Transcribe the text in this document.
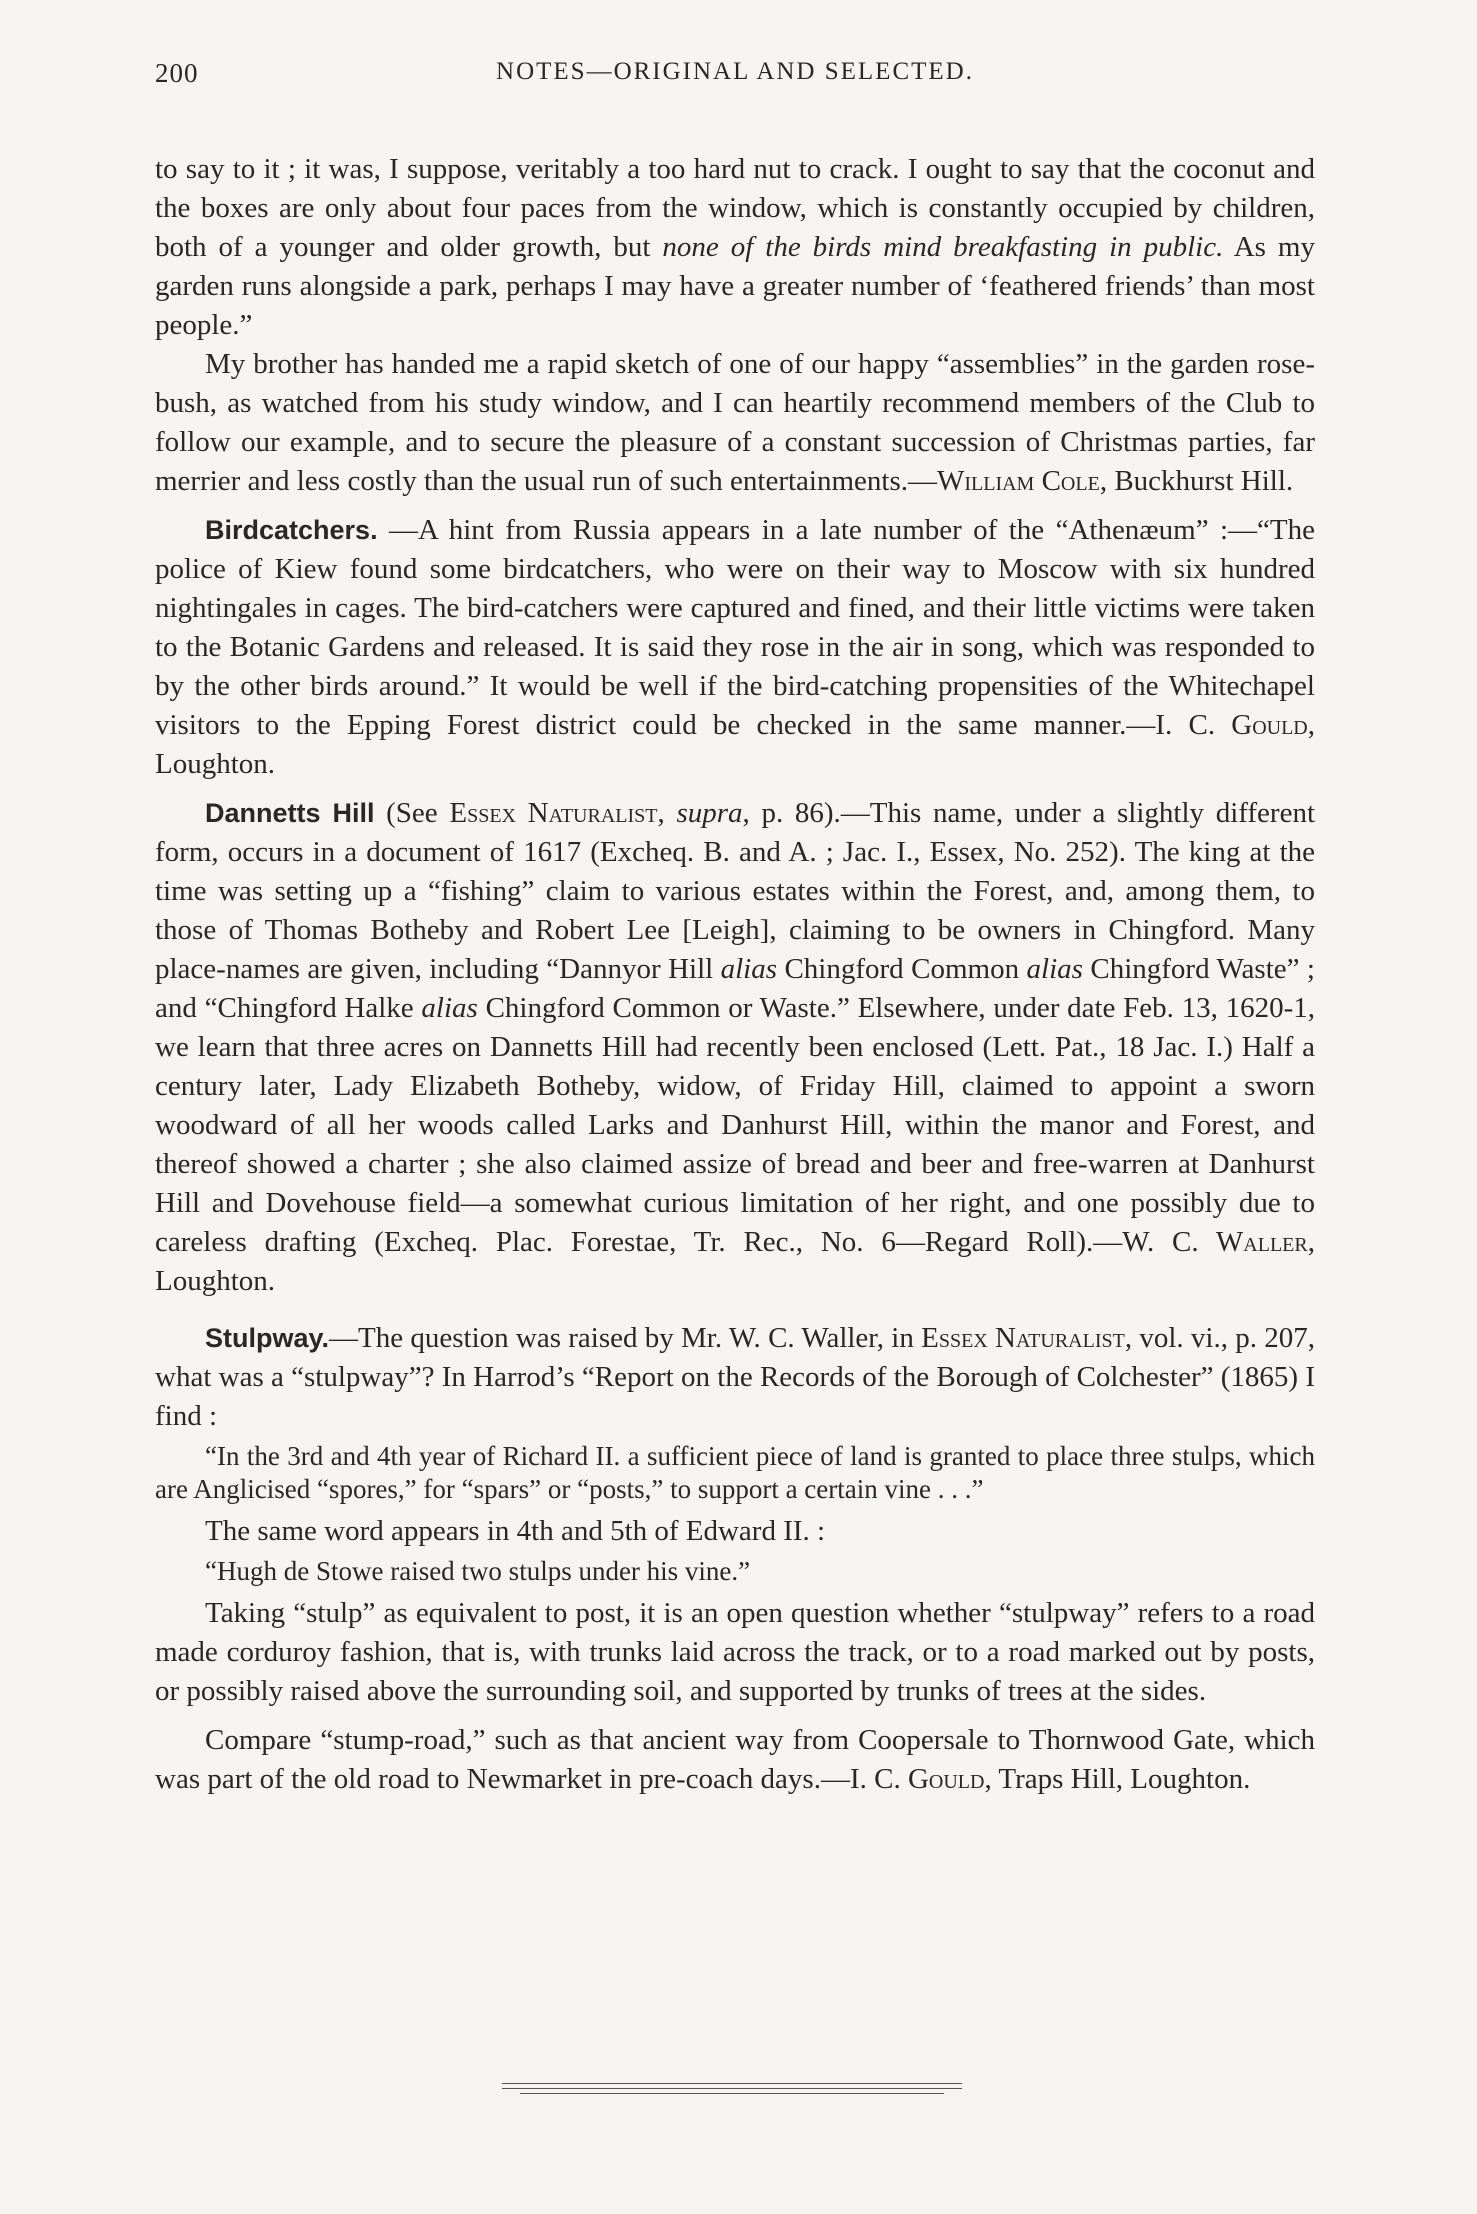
200	NOTES—ORIGINAL AND SELECTED.

to say to it ; it was, I suppose, veritably a too hard nut to crack. I ought to say that the coconut and the boxes are only about four paces from the window, which is constantly occupied by children, both of a younger and older growth, but none of the birds mind breakfasting in public. As my garden runs alongside a park, perhaps I may have a greater number of ‘feathered friends’ than most people.”

My brother has handed me a rapid sketch of one of our happy “assemblies” in the garden rose-bush, as watched from his study window, and I can heartily recommend members of the Club to follow our example, and to secure the pleasure of a constant succession of Christmas parties, far merrier and less costly than the usual run of such entertainments.—William Cole, Buckhurst Hill.

Birdcatchers. —A hint from Russia appears in a late number of the “Athenæum” :—“The police of Kiew found some birdcatchers, who were on their way to Moscow with six hundred nightingales in cages. The bird-catchers were captured and fined, and their little victims were taken to the Botanic Gardens and released. It is said they rose in the air in song, which was responded to by the other birds around.” It would be well if the bird-catching propensities of the Whitechapel visitors to the Epping Forest district could be checked in the same manner.—I. C. Gould, Loughton.

Dannetts Hill (See Essex Naturalist, supra, p. 86).—This name, under a slightly different form, occurs in a document of 1617 (Excheq. B. and A. ; Jac. I., Essex, No. 252). The king at the time was setting up a “fishing” claim to various estates within the Forest, and, among them, to those of Thomas Botheby and Robert Lee [Leigh], claiming to be owners in Chingford. Many place-names are given, including “Dannyor Hill alias Chingford Common alias Chingford Waste” ; and “Chingford Halke alias Chingford Common or Waste.” Elsewhere, under date Feb. 13, 1620-1, we learn that three acres on Dannetts Hill had recently been enclosed (Lett. Pat., 18 Jac. I.) Half a century later, Lady Elizabeth Botheby, widow, of Friday Hill, claimed to appoint a sworn woodward of all her woods called Larks and Danhurst Hill, within the manor and Forest, and thereof showed a charter ; she also claimed assize of bread and beer and free-warren at Danhurst Hill and Dovehouse field—a somewhat curious limitation of her right, and one possibly due to careless drafting (Excheq. Plac. Forestae, Tr. Rec., No. 6—Regard Roll).—W. C. Waller, Loughton.

Stulpway.—The question was raised by Mr. W. C. Waller, in Essex Naturalist, vol. vi., p. 207, what was a “stulpway”? In Harrod’s “Report on the Records of the Borough of Colchester” (1865) I find :

“In the 3rd and 4th year of Richard II. a sufficient piece of land is granted to place three stulps, which are Anglicised “spores,” for “spars” or “posts,” to support a certain vine . . .”

The same word appears in 4th and 5th of Edward II. :

“Hugh de Stowe raised two stulps under his vine.”

Taking “stulp” as equivalent to post, it is an open question whether “stulpway” refers to a road made corduroy fashion, that is, with trunks laid across the track, or to a road marked out by posts, or possibly raised above the surrounding soil, and supported by trunks of trees at the sides.

Compare “stump-road,” such as that ancient way from Coopersale to Thornwood Gate, which was part of the old road to Newmarket in pre-coach days.—I. C. Gould, Traps Hill, Loughton.
